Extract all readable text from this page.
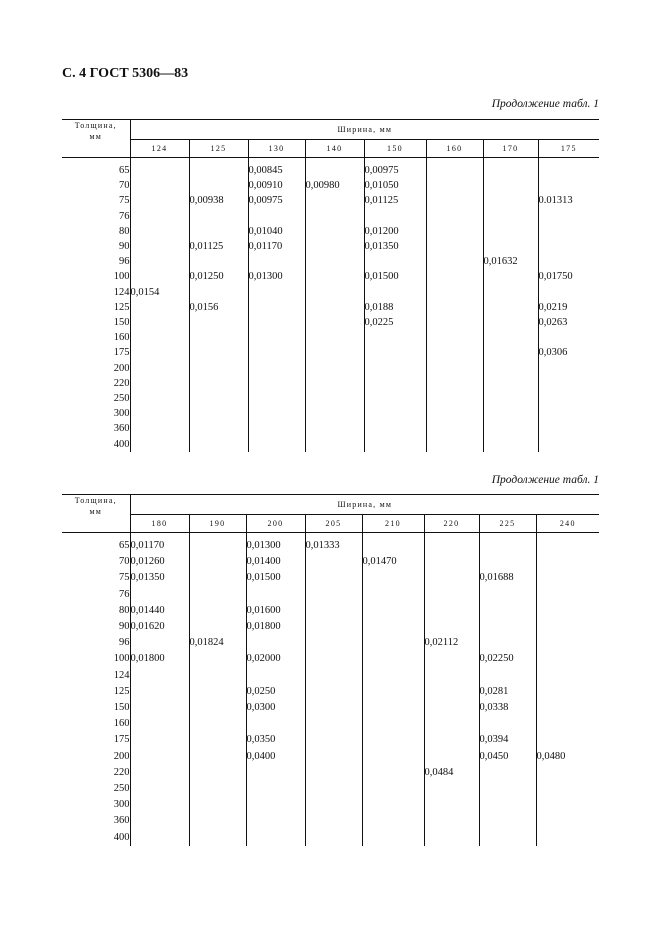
С. 4 ГОСТ 5306—83
Продолжение табл. 1
Толщина,
мм	Ширина, мм							
	124	125	130	140	150	160	170	175

65			0,00845		0,00975			
70			0,00910	0,00980	0,01050			
75		0,00938	0,00975		0,01125			0.01313
76								
80			0,01040		0,01200			
90		0,01125	0,01170		0,01350			
96							0,01632	
100		0,01250	0,01300		0,01500			0,01750
124	0,0154							
125		0,0156			0,0188			0,0219
150					0,0225			0,0263
160								
175								0,0306
200								
220								
250								
300								
360								
400								
Продолжение табл. 1
Толщина,
мм	Ширина, мм							
	180	190	200	205	210	220	225	240

65	0,01170		0,01300	0,01333				
70	0,01260		0,01400		0,01470			
75	0,01350		0,01500				0,01688	
76								
80	0,01440		0,01600					
90	0,01620		0,01800					
96		0,01824				0,02112		
100	0,01800		0,02000				0,02250	
124								
125			0,0250				0,0281	
150			0,0300				0,0338	
160								
175			0,0350				0,0394	
200			0,0400				0,0450	0,0480
220						0,0484		
250								
300								
360								
400								
